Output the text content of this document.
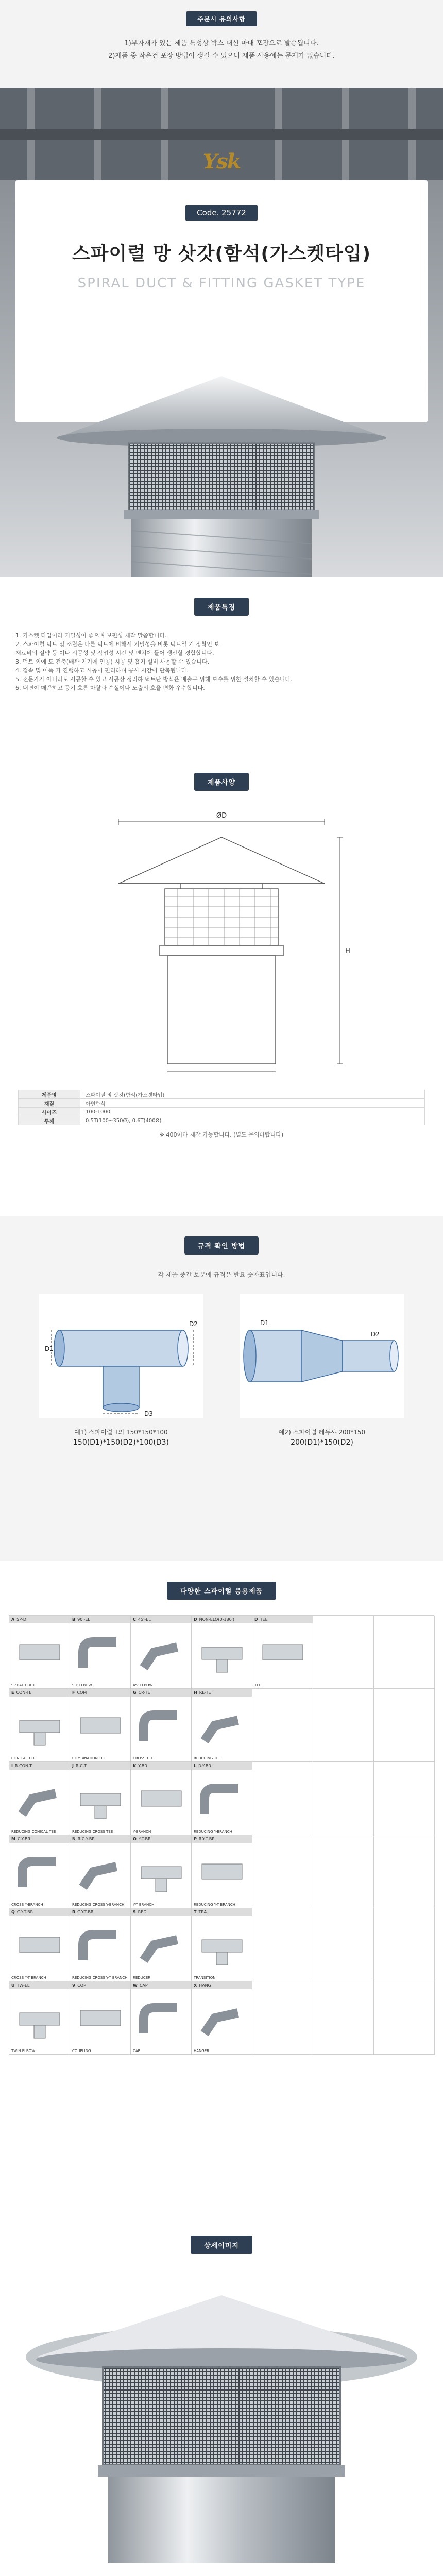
주문시 유의사항

1)부자재가 있는 제품 특성상 박스 대신 마대 포장으로 발송됩니다.

2)제품 중 작은건 포장 방법이 생길 수 있으니 제품 사용에는 문제가 없습니다.

Ysk
Code. 25772
스파이럴 망 삿갓(함석(가스켓타입)
SPIRAL DUCT & FITTING GASKET TYPE
제품특징
1. 가스켓 타입이라 기밀성이 좋으며 보편성 제작 말씀합니다.
2. 스파이럴 덕트 및 조립은 다른 덕트에 비해서 기밀성을 비롯 덕트일 기 정확인 보
재료비의 절약 등 이나 시공성 및 작업성 시간 및 벤치에 들어 생산할 경합합니다.
3. 덕트 외에 도 건축(배관 기기에 인공) 시공 및 흡기 설비 사용할 수 있습니다.
4. 접속 및 어폭 가 진행하고 시공이 편리하며 공사 시간이 단축됩니다.
5. 전문가가 아니라도 시공할 수 있고 시공상 정리하 덕트단 방식은 배출구 위해 보수를 위한 설치할 수 있습니다.
6. 내면이 매끈하고 공기 흐름 마찰과 손실이나 노출의 효율 변화 우수합니다.
제품사양
ØD
H
제품명	스파이럴 망 삿갓(함석(가스켓타입)
재질	아연함석
사이즈	100-1000
두께	0.5T(100~350Ø), 0.6T(400Ø)
※ 400이하 제작 가능합니다. (별도 문의바랍니다)
규격 확인 방법
각 제품 중간 보분에 규격은 반요 숫자표입니다.
D1
D2
D3
D1
D2
예1) 스파이럴 T의 150*150*100
150(D1)*150(D2)*100(D3)
예2) 스파이럴 레듀샤 200*150
200(D1)*150(D2)
다양한 스파이럴 응용제품
A SP-D
SPIRAL DUCT
B 90'-EL
90' ELBOW
C 45'-EL
45' ELBOW
D NON-ELO(0-180')	D TEE
TEE
E CON-TE
CONICAL TEE
F COM
COMBINATION TEE
G CR-TE
CROSS TEE
H RE-TE
REDUCING TEE
I R-CON-T
REDUCING CONICAL TEE
J R-C-T
REDUCING CROSS TEE
K Y-BR
Y-BRANCH
L R-Y-BR
REDUCING Y-BRANCH
M C-Y-BR
CROSS Y-BRANCH
N R-C-Y-BR
REDUCING CROSS Y-BRANCH
O Y-T-BR
Y-T BRANCH
P R-Y-T-BR
REDUCING Y-T BRANCH
Q C-Y-T-BR
CROSS Y-T BRANCH
R C-Y-T-BR
REDUCING CROSS Y-T BRANCH
S RED
REDUCER
T TRA
TRANSITION
U TW-EL
TWIN ELBOW
V COP
COUPLING
W CAP
CAP
X HANG
HANGER
상세이미지
